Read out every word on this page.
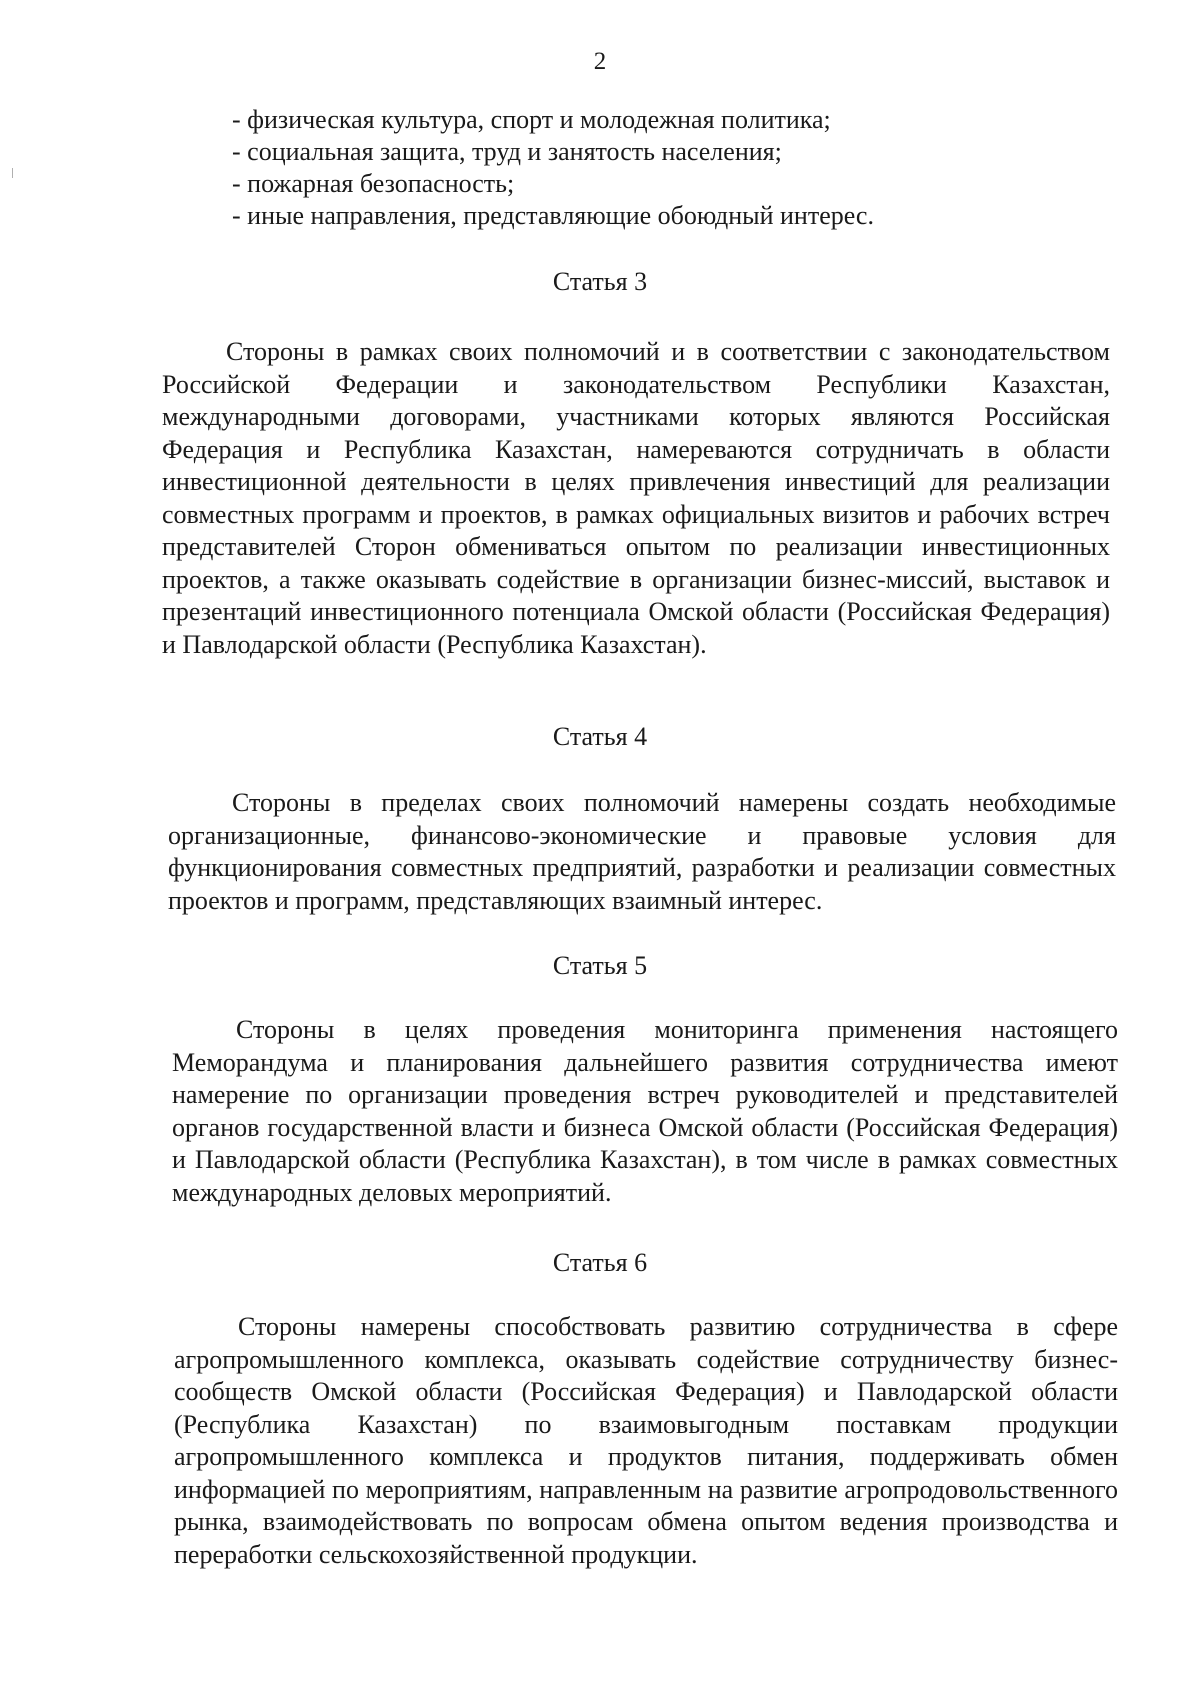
2
- физическая культура, спорт и молодежная политика;
- социальная защита, труд и занятость населения;
- пожарная безопасность;
- иные направления, представляющие обоюдный интерес.
Статья 3
Стороны в рамках своих полномочий и в соответствии с законодательством Российской Федерации и законодательством Республики Казахстан, международными договорами, участниками которых являются Российская Федерация и Республика Казахстан, намереваются сотрудничать в области инвестиционной деятельности в целях привлечения инвестиций для реализации совместных программ и проектов, в рамках официальных визитов и рабочих встреч представителей Сторон обмениваться опытом по реализации инвестиционных проектов, а также оказывать содействие в организации бизнес-миссий, выставок и презентаций инвестиционного потенциала Омской области (Российская Федерация) и Павлодарской области (Республика Казахстан).
Статья 4
Стороны в пределах своих полномочий намерены создать необходимые организационные, финансово-экономические и правовые условия для функционирования совместных предприятий, разработки и реализации совместных проектов и программ, представляющих взаимный интерес.
Статья 5
Стороны в целях проведения мониторинга применения настоящего Меморандума и планирования дальнейшего развития сотрудничества имеют намерение по организации проведения встреч руководителей и представителей органов государственной власти и бизнеса Омской области (Российская Федерация) и Павлодарской области (Республика Казахстан), в том числе в рамках совместных международных деловых мероприятий.
Статья 6
Стороны намерены способствовать развитию сотрудничества в сфере агропромышленного комплекса, оказывать содействие сотрудничеству бизнес-сообществ Омской области (Российская Федерация) и Павлодарской области (Республика Казахстан) по взаимовыгодным поставкам продукции агропромышленного комплекса и продуктов питания, поддерживать обмен информацией по мероприятиям, направленным на развитие агропродовольственного рынка, взаимодействовать по вопросам обмена опытом ведения производства и переработки сельскохозяйственной продукции.
